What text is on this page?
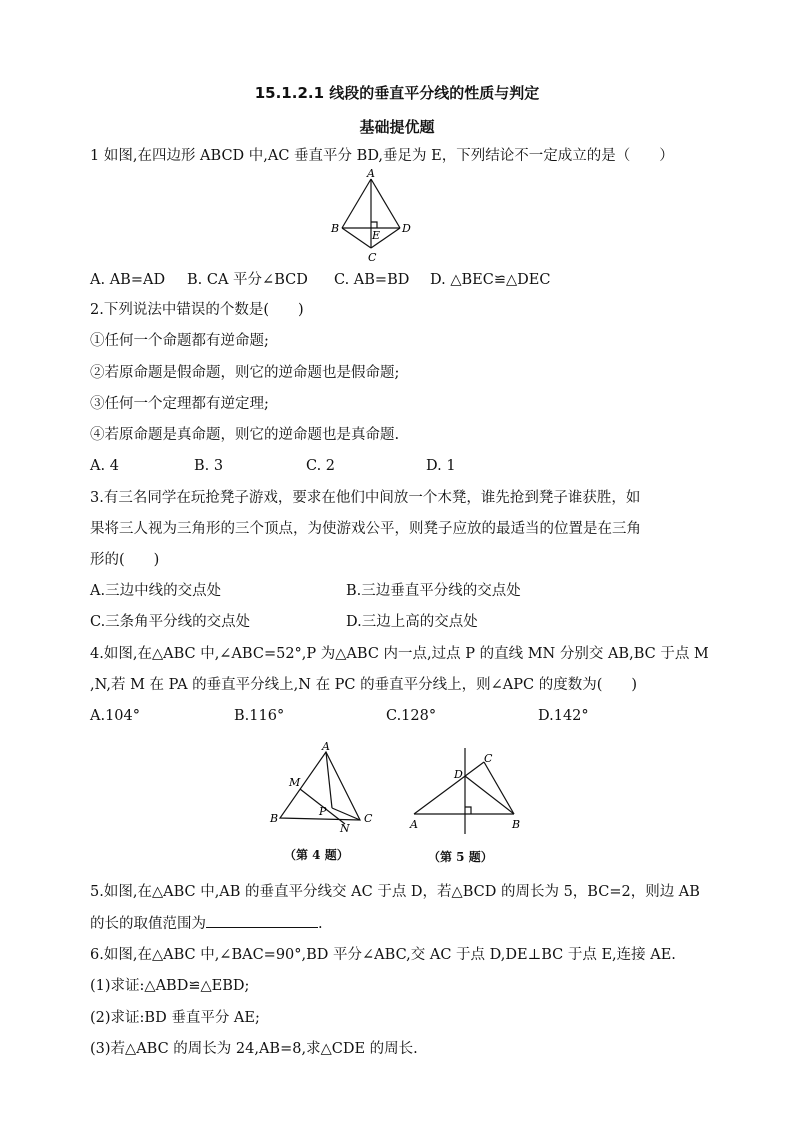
15.1.2.1 线段的垂直平分线的性质与判定
基础提优题
1 如图,在四边形 ABCD 中,AC 垂直平分 BD,垂足为 E，下列结论不一定成立的是（　　）
A
B	D
C
E
A. AB=AD B. CA 平分∠BCD C. AB=BD D. △BEC≌△DEC
2.下列说法中错误的个数是(　　)
①任何一个命题都有逆命题;
②若原命题是假命题，则它的逆命题也是假命题;
③任何一个定理都有逆定理;
④若原命题是真命题，则它的逆命题也是真命题.
A. 4	B. 3	C. 2	D. 1
3.有三名同学在玩抢凳子游戏，要求在他们中间放一个木凳，谁先抢到凳子谁获胜，如
果将三人视为三角形的三个顶点，为使游戏公平，则凳子应放的最适当的位置是在三角
形的(　　)
A.三边中线的交点处	B.三边垂直平分线的交点处
C.三条角平分线的交点处	D.三边上高的交点处
4.如图,在△ABC 中,∠ABC=52°,P 为△ABC 内一点,过点 P 的直线 MN 分别交 AB,BC 于点 M
,N,若 M 在 PA 的垂直平分线上,N 在 PC 的垂直平分线上，则∠APC 的度数为(　　)
A.104°	B.116°	C.128°	D.142°
A
B	C
M
P
N
（第 4 题）
A	B
C
D
（第 5 题）
5.如图,在△ABC 中,AB 的垂直平分线交 AC 于点 D，若△BCD 的周长为 5，BC=2，则边 AB
的长的取值范围为	.
6.如图,在△ABC 中,∠BAC=90°,BD 平分∠ABC,交 AC 于点 D,DE⊥BC 于点 E,连接 AE.
(1)求证:△ABD≌△EBD;
(2)求证:BD 垂直平分 AE;
(3)若△ABC 的周长为 24,AB=8,求△CDE 的周长.
